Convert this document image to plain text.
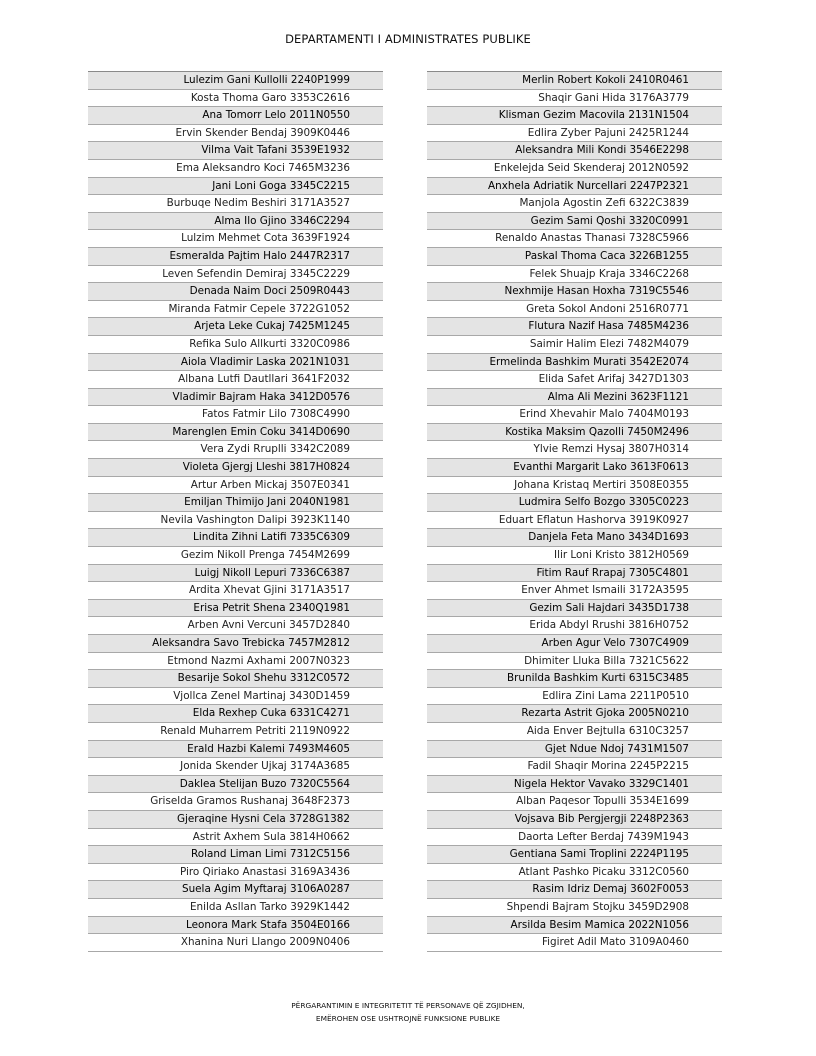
DEPARTAMENTI I ADMINISTRATES PUBLIKE
Lulezim Gani Kullolli 2240P1999
Kosta Thoma Garo 3353C2616
Ana Tomorr Lelo 2011N0550
Ervin Skender Bendaj 3909K0446
Vilma Vait Tafani 3539E1932
Ema Aleksandro Koci 7465M3236
Jani Loni Goga 3345C2215
Burbuqe Nedim Beshiri 3171A3527
Alma Ilo Gjino 3346C2294
Lulzim Mehmet Cota 3639F1924
Esmeralda Pajtim Halo 2447R2317
Leven Sefendin Demiraj 3345C2229
Denada Naim Doci 2509R0443
Miranda Fatmir Cepele 3722G1052
Arjeta Leke Cukaj 7425M1245
Refika Sulo Allkurti 3320C0986
Aiola Vladimir Laska 2021N1031
Albana Lutfi Dautllari 3641F2032
Vladimir Bajram Haka 3412D0576
Fatos Fatmir Lilo 7308C4990
Marenglen Emin Coku 3414D0690
Vera Zydi Rruplli 3342C2089
Violeta Gjergj Lleshi 3817H0824
Artur Arben Mickaj 3507E0341
Emiljan Thimijo Jani 2040N1981
Nevila Vashington Dalipi 3923K1140
Lindita Zihni Latifi 7335C6309
Gezim Nikoll Prenga 7454M2699
Luigj Nikoll Lepuri 7336C6387
Ardita Xhevat Gjini 3171A3517
Erisa Petrit Shena 2340Q1981
Arben Avni Vercuni 3457D2840
Aleksandra Savo Trebicka 7457M2812
Etmond Nazmi Axhami 2007N0323
Besarije Sokol Shehu 3312C0572
Vjollca Zenel Martinaj 3430D1459
Elda Rexhep Cuka 6331C4271
Renald Muharrem Petriti 2119N0922
Erald Hazbi Kalemi 7493M4605
Jonida Skender Ujkaj 3174A3685
Daklea Stelijan Buzo 7320C5564
Griselda Gramos Rushanaj 3648F2373
Gjeraqine Hysni Cela 3728G1382
Astrit Axhem Sula 3814H0662
Roland Liman Limi 7312C5156
Piro Qiriako Anastasi 3169A3436
Suela Agim Myftaraj 3106A0287
Enilda Asllan Tarko 3929K1442
Leonora Mark Stafa 3504E0166
Xhanina Nuri Llango 2009N0406
Merlin Robert Kokoli 2410R0461
Shaqir Gani Hida 3176A3779
Klisman Gezim Macovila 2131N1504
Edlira Zyber Pajuni 2425R1244
Aleksandra Mili Kondi 3546E2298
Enkelejda Seid Skenderaj 2012N0592
Anxhela Adriatik Nurcellari 2247P2321
Manjola Agostin Zefi 6322C3839
Gezim Sami Qoshi 3320C0991
Renaldo Anastas Thanasi 7328C5966
Paskal Thoma Caca 3226B1255
Felek Shuajp Kraja 3346C2268
Nexhmije Hasan Hoxha 7319C5546
Greta Sokol Andoni 2516R0771
Flutura Nazif Hasa 7485M4236
Saimir Halim Elezi 7482M4079
Ermelinda Bashkim Murati 3542E2074
Elida Safet Arifaj 3427D1303
Alma Ali Mezini 3623F1121
Erind Xhevahir Malo 7404M0193
Kostika Maksim Qazolli 7450M2496
Ylvie Remzi Hysaj 3807H0314
Evanthi Margarit Lako 3613F0613
Johana Kristaq Mertiri 3508E0355
Ludmira Selfo Bozgo 3305C0223
Eduart Eflatun Hashorva 3919K0927
Danjela Feta Mano 3434D1693
Ilir Loni Kristo 3812H0569
Fitim Rauf Rrapaj 7305C4801
Enver Ahmet Ismaili 3172A3595
Gezim Sali Hajdari 3435D1738
Erida Abdyl Rrushi 3816H0752
Arben Agur Velo 7307C4909
Dhimiter Lluka Billa 7321C5622
Brunilda Bashkim Kurti 6315C3485
Edlira Zini Lama 2211P0510
Rezarta Astrit Gjoka 2005N0210
Aida Enver Bejtulla 6310C3257
Gjet Ndue Ndoj 7431M1507
Fadil Shaqir Morina 2245P2215
Nigela Hektor Vavako 3329C1401
Alban Paqesor Topulli 3534E1699
Vojsava Bib Pergjergji 2248P2363
Daorta Lefter Berdaj 7439M1943
Gentiana Sami Troplini 2224P1195
Atlant Pashko Picaku 3312C0560
Rasim Idriz Demaj 3602F0053
Shpendi Bajram Stojku 3459D2908
Arsilda Besim Mamica 2022N1056
Figiret Adil Mato 3109A0460
PËRGARANTIMIN E INTEGRITETIT TË PERSONAVE QË ZGJIDHEN,
EMËROHEN OSE USHTROJNË FUNKSIONE PUBLIKE
